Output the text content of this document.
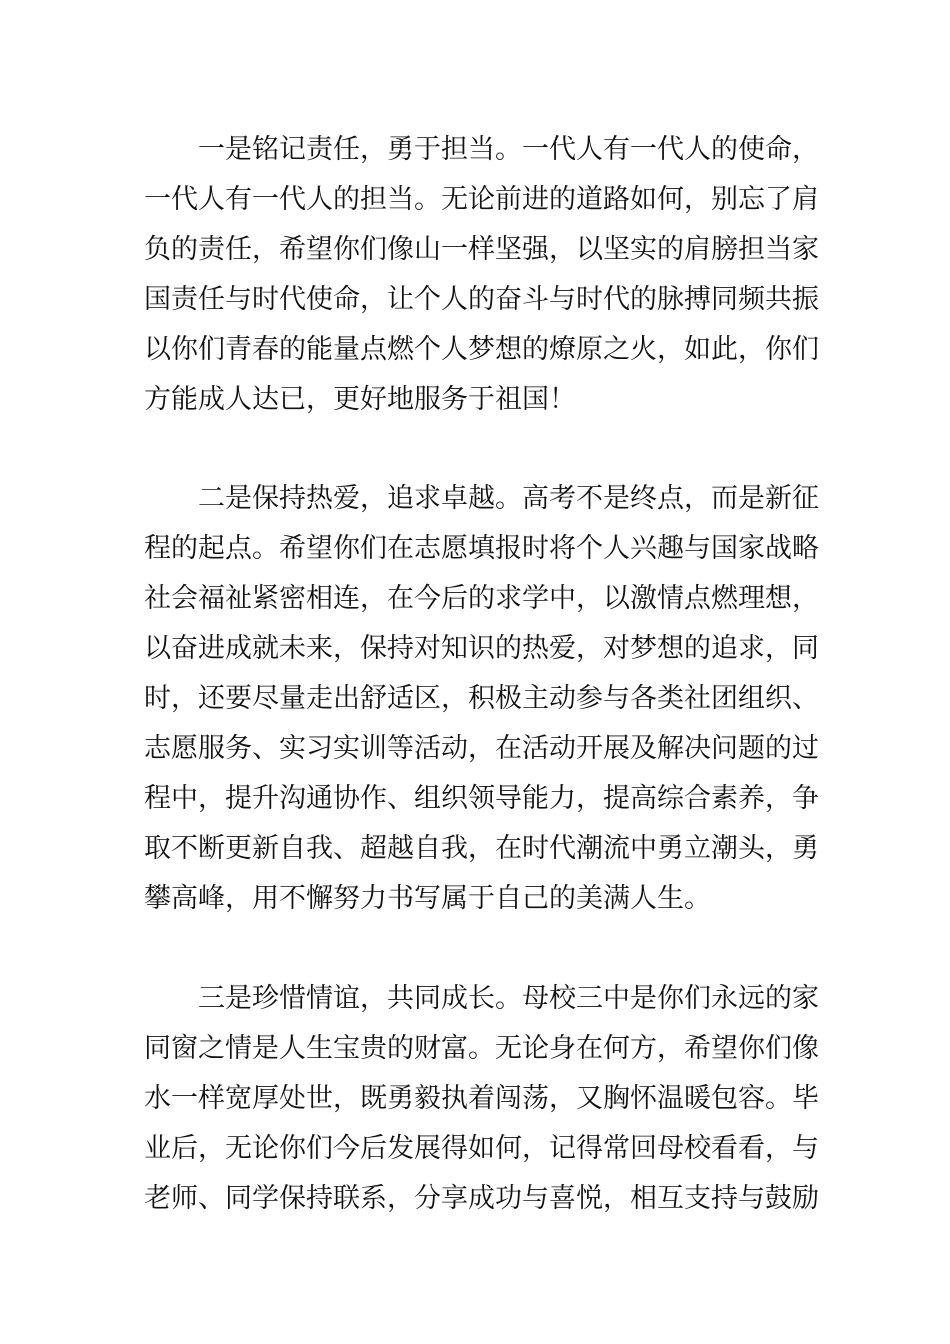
一是铭记责任，勇于担当。一代人有一代人的使命，
一代人有一代人的担当。无论前进的道路如何，别忘了肩
负的责任，希望你们像山一样坚强，以坚实的肩膀担当家
国责任与时代使命，让个人的奋斗与时代的脉搏同频共振
以你们青春的能量点燃个人梦想的燎原之火，如此，你们
方能成人达已，更好地服务于祖国！
二是保持热爱，追求卓越。高考不是终点，而是新征
程的起点。希望你们在志愿填报时将个人兴趣与国家战略
社会福祉紧密相连，在今后的求学中，以激情点燃理想，
以奋进成就未来，保持对知识的热爱，对梦想的追求，同
时，还要尽量走出舒适区，积极主动参与各类社团组织、
志愿服务、实习实训等活动，在活动开展及解决问题的过
程中，提升沟通协作、组织领导能力，提高综合素养，争
取不断更新自我、超越自我，在时代潮流中勇立潮头，勇
攀高峰，用不懈努力书写属于自己的美满人生。
三是珍惜情谊，共同成长。母校三中是你们永远的家
同窗之情是人生宝贵的财富。无论身在何方，希望你们像
水一样宽厚处世，既勇毅执着闯荡，又胸怀温暖包容。毕
业后，无论你们今后发展得如何，记得常回母校看看，与
老师、同学保持联系，分享成功与喜悦，相互支持与鼓励
